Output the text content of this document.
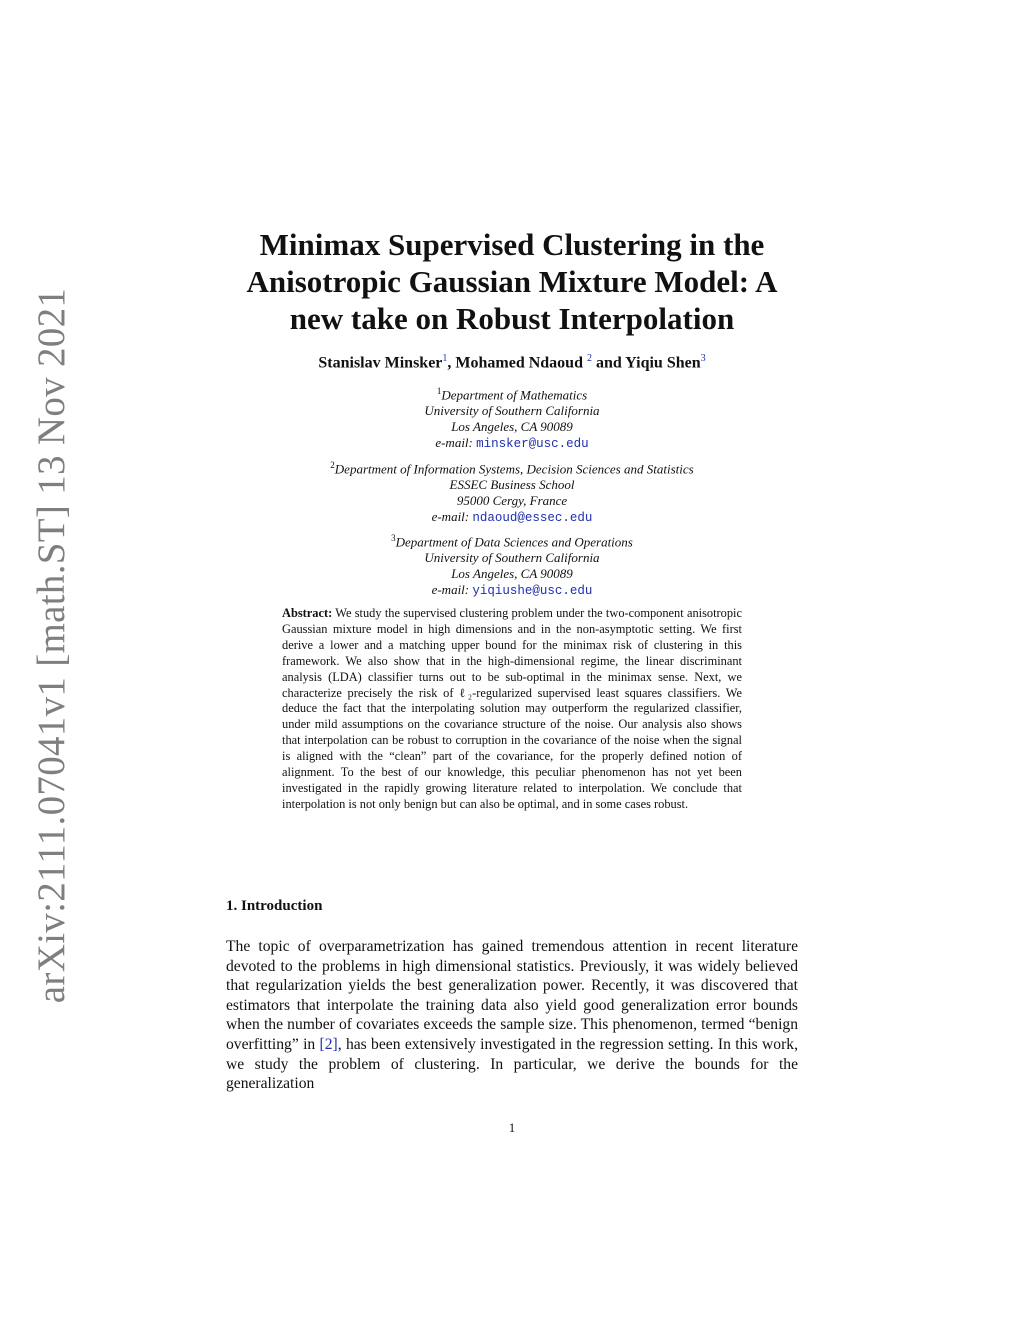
arXiv:2111.07041v1 [math.ST] 13 Nov 2021
Minimax Supervised Clustering in the
Anisotropic Gaussian Mixture Model: A
new take on Robust Interpolation
Stanislav Minsker$^1$, Mohamed Ndaoud $^2$ and Yiqiu Shen$^3$
$^1$Department of Mathematics
University of Southern California
Los Angeles, CA 90089
e-mail: minsker@usc.edu
$^2$Department of Information Systems, Decision Sciences and Statistics
ESSEC Business School
95000 Cergy, France
e-mail: ndaoud@essec.edu
$^3$Department of Data Sciences and Operations
University of Southern California
Los Angeles, CA 90089
e-mail: yiqiushe@usc.edu
Abstract: We study the supervised clustering problem under the two-component anisotropic Gaussian mixture model in high dimensions and in the non-asymptotic setting. We first derive a lower and a matching upper bound for the minimax risk of clustering in this framework. We also show that in the high-dimensional regime, the linear discriminant analysis (LDA) classifier turns out to be sub-optimal in the minimax sense. Next, we characterize precisely the risk of ℓ₂-regularized supervised least squares classifiers. We deduce the fact that the interpolating solution may outperform the regularized classifier, under mild assumptions on the covariance structure of the noise. Our analysis also shows that interpolation can be robust to corruption in the covariance of the noise when the signal is aligned with the “clean” part of the covariance, for the properly defined notion of alignment. To the best of our knowledge, this peculiar phenomenon has not yet been investigated in the rapidly growing literature related to interpolation. We conclude that interpolation is not only benign but can also be optimal, and in some cases robust.
1. Introduction
The topic of overparametrization has gained tremendous attention in recent literature devoted to the problems in high dimensional statistics. Previously, it was widely believed that regularization yields the best generalization power. Recently, it was discovered that estimators that interpolate the training data also yield good generalization error bounds when the number of covariates exceeds the sample size. This phenomenon, termed “benign overfitting” in [2], has been extensively investigated in the regression setting. In this work, we study the problem of clustering. In particular, we derive the bounds for the generalization
1
